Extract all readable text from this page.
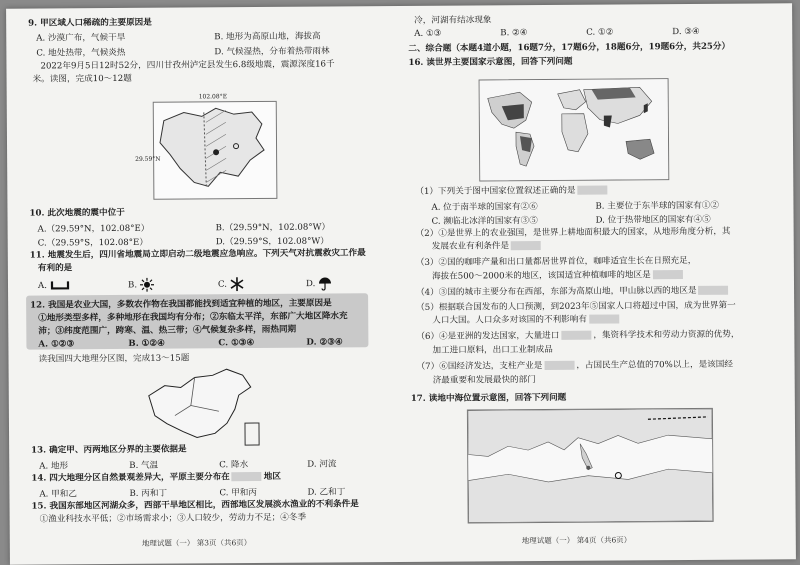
9. 甲区域人口稀疏的主要原因是
A. 沙漠广布，气候干旱	B. 地形为高原山地，海拔高
C. 地处热带，气候炎热	D. 气候湿热，分布着热带雨林
2022年9月5日12时52分，四川甘孜州泸定县发生6.8级地震，震源深度16千
米。读图，完成10～12题
29.59°N
102.08°E
10. 此次地震的震中位于
A.（29.59°N，102.08°E）	B.（29.59°N，102.08°W）
C.（29.59°S，102.08°E）	D.（29.59°S，102.08°W）
11. 地震发生后，四川省地震局立即启动二级地震应急响应。下列天气对抗震救灾工作最
有利的是
A.	B.	C.	D.
12. 我国是农业大国，多数农作物在我国都能找到适宜种植的地区，主要原因是
①地形类型多样，多种地形在我国均有分布；②东临太平洋，东部广大地区降水充
沛；③纬度范围广，跨寒、温、热三带；④气候复杂多样，雨热同期
A. ①②③	B. ①②④	C. ①③④	D. ②③④
读我国四大地理分区图，完成13～15题
13. 确定甲、丙两地区分界的主要依据是
A. 地形	B. 气温	C. 降水	D. 河流
14. 四大地理分区自然景观差异大，平原主要分布在	地区
A. 甲和乙	B. 丙和丁	C. 甲和丙	D. 乙和丁
15. 我国东部地区河湖众多，西部干旱地区相比，西部地区发展淡水渔业的不利条件是
①渔业科技水平低；②市场需求小；③人口较少，劳动力不足；④冬季
地理试题（一） 第3页（共6页）
冷，河湖有结冰现象
A. ①③	B. ②④	C. ①②	D. ③④
二、综合题（本题4道小题，16题7分，17题6分，18题6分，19题6分，共25分）
16. 读世界主要国家示意图，回答下列问题
（1）下列关于图中国家位置叙述正确的是
A. 位于南半球的国家有②⑥	B. 主要位于东半球的国家有①②
C. 濒临北冰洋的国家有③⑤	D. 位于热带地区的国家有④⑤
（2）①是世界上的农业强国，是世界上耕地面积最大的国家，从地形角度分析，其
发展农业有利条件是
（3）②国的咖啡产量和出口量都居世界首位，咖啡适宜生长在日照充足，
海拔在500～2000米的地区，该国适宜种植咖啡的地区是
（4）③国的城市主要分布在西部，东部为高原山地，甲山脉以西的地区是
（5）根据联合国发布的人口预测，到2023年⑤国家人口将超过中国，成为世界第一
人口大国。人口众多对该国的不利影响有
（6）④是亚洲的发达国家，大量进口	，集资科学技术和劳动力资源的优势，
加工进口原料，出口工业制成品
（7）⑥国经济发达，支柱产业是	，占国民生产总值的70%以上，是该国经
济最重要和发展最快的部门
17. 读地中海位置示意图，回答下列问题
地理试题（一） 第4页（共6页）
